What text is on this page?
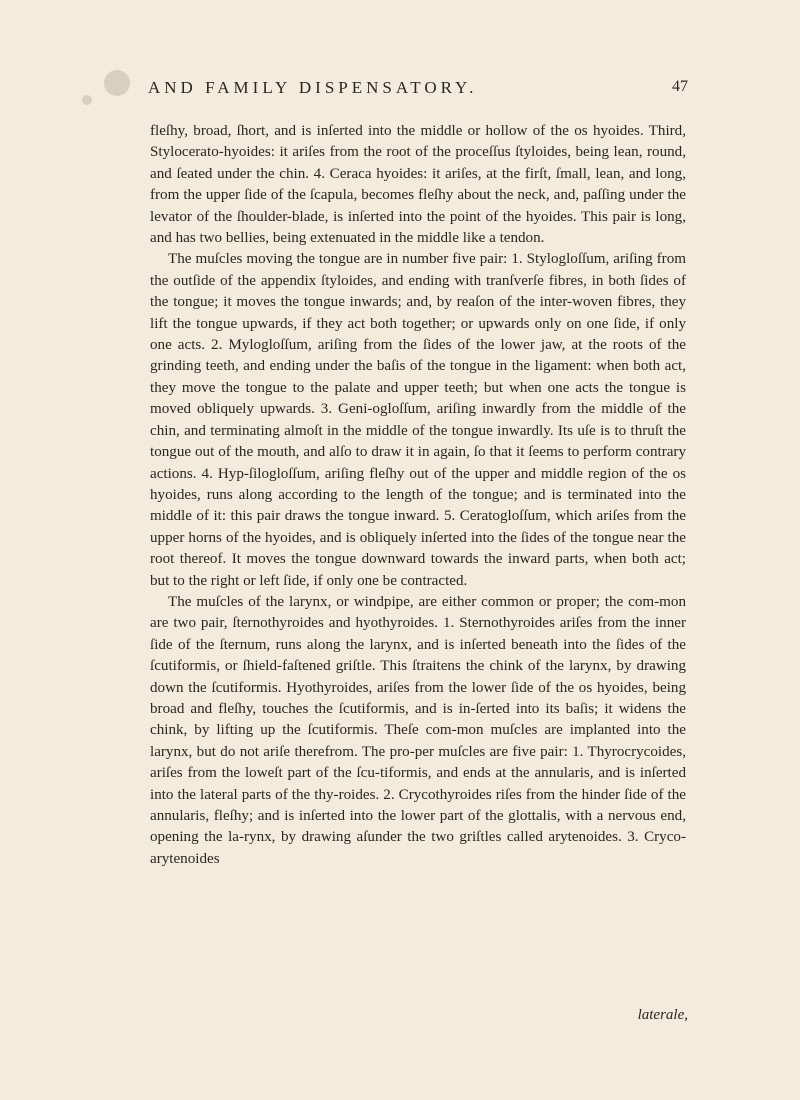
AND FAMILY DISPENSATORY.	47

fleſhy, broad, ſhort, and is inſerted into the middle or hollow of the os hyoides. Third, Stylocerato-hyoides: it ariſes from the root of the proceſſus ſtyloides, being lean, round, and ſeated under the chin. 4. Ceraca hyoides: it ariſes, at the firſt, ſmall, lean, and long, from the upper ſide of the ſcapula, becomes fleſhy about the neck, and, paſſing under the levator of the ſhoulder-blade, is inſerted into the point of the hyoides. This pair is long, and has two bellies, being extenuated in the middle like a tendon.

The muſcles moving the tongue are in number five pair: 1. Styloglоſſum, ariſing from the outſide of the appendix ſtyloides, and ending with tranſverſe fibres, in both ſides of the tongue; it moves the tongue inwards; and, by reaſon of the inter-woven fibres, they lift the tongue upwards, if they act both together; or upwards only on one ſide, if only one acts. 2. Myloglоſſum, ariſing from the ſides of the lower jaw, at the roots of the grinding teeth, and ending under the baſis of the tongue in the ligament: when both act, they move the tongue to the palate and upper teeth; but when one acts the tongue is moved obliquely upwards. 3. Geni-oglоſſum, ariſing inwardly from the middle of the chin, and terminating almoſt in the middle of the tongue inwardly. Its uſe is to thruſt the tongue out of the mouth, and alſo to draw it in again, ſo that it ſeems to perform contrary actions. 4. Hyp-ſilogloſſum, ariſing fleſhy out of the upper and middle region of the os hyoides, runs along according to the length of the tongue; and is terminated into the middle of it: this pair draws the tongue inward. 5. Ceratogloſſum, which ariſes from the upper horns of the hyoides, and is obliquely inſerted into the ſides of the tongue near the root thereof. It moves the tongue downward towards the inward parts, when both act; but to the right or left ſide, if only one be contracted.

The muſcles of the larynx, or windpipe, are either common or proper; the com-mon are two pair, ſternothyroides and hyothyroides. 1. Sternothyroides ariſes from the inner ſide of the ſternum, runs along the larynx, and is inſerted beneath into the ſides of the ſcutiformis, or ſhield-faſtened griſtle. This ſtraitens the chink of the larynx, by drawing down the ſcutiformis. Hyothyroides, ariſes from the lower ſide of the os hyoides, being broad and fleſhy, touches the ſcutiformis, and is in-ſerted into its baſis; it widens the chink, by lifting up the ſcutiformis. Theſe com-mon muſcles are implanted into the larynx, but do not ariſe therefrom. The pro-per muſcles are five pair: 1. Thyrocrycoides, ariſes from the loweſt part of the ſcu-tiformis, and ends at the annularis, and is inſerted into the lateral parts of the thy-roides. 2. Crycothyroides riſes from the hinder ſide of the annularis, fleſhy; and is inſerted into the lower part of the glottalis, with a nervous end, opening the la-rynx, by drawing aſunder the two griſtles called arytenoides. 3. Cryco-arytenoides

laterale,
